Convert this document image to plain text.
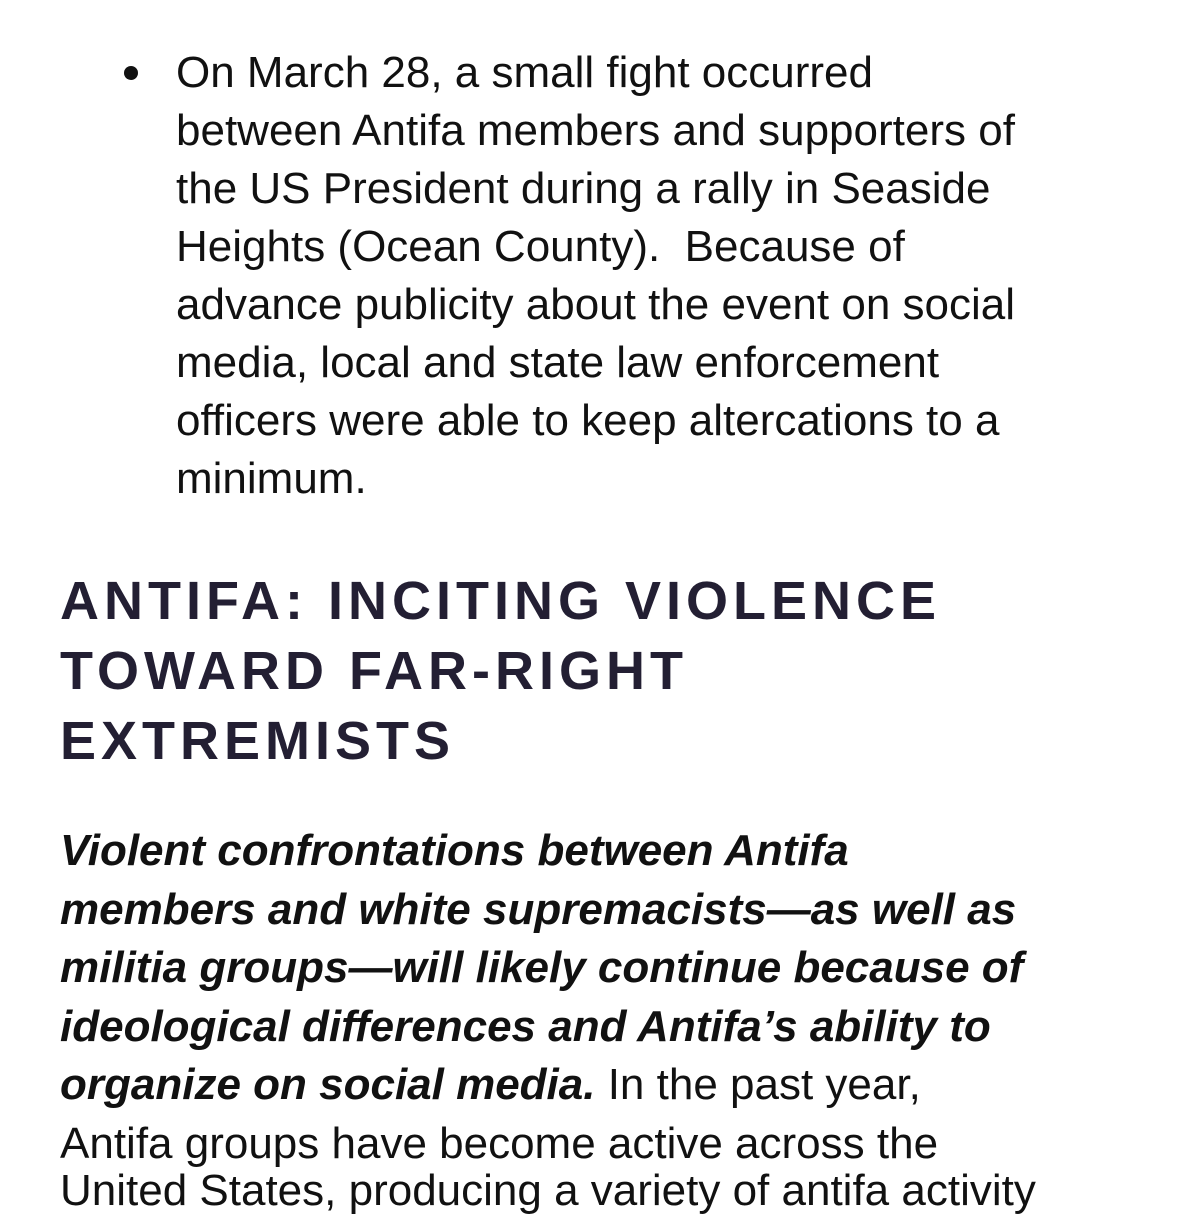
On March 28, a small fight occurred
between Antifa members and supporters of
the US President during a rally in Seaside
Heights (Ocean County).  Because of
advance publicity about the event on social
media, local and state law enforcement
officers were able to keep altercations to a
minimum.
ANTIFA: INCITING VIOLENCE
TOWARD FAR-RIGHT
EXTREMISTS
Violent confrontations between Antifa
members and white supremacists—as well as
militia groups—will likely continue because of
ideological differences and Antifa’s ability to
organize on social media. In the past year,
Antifa groups have become active across the
United States, producing a variety of antifa activity
